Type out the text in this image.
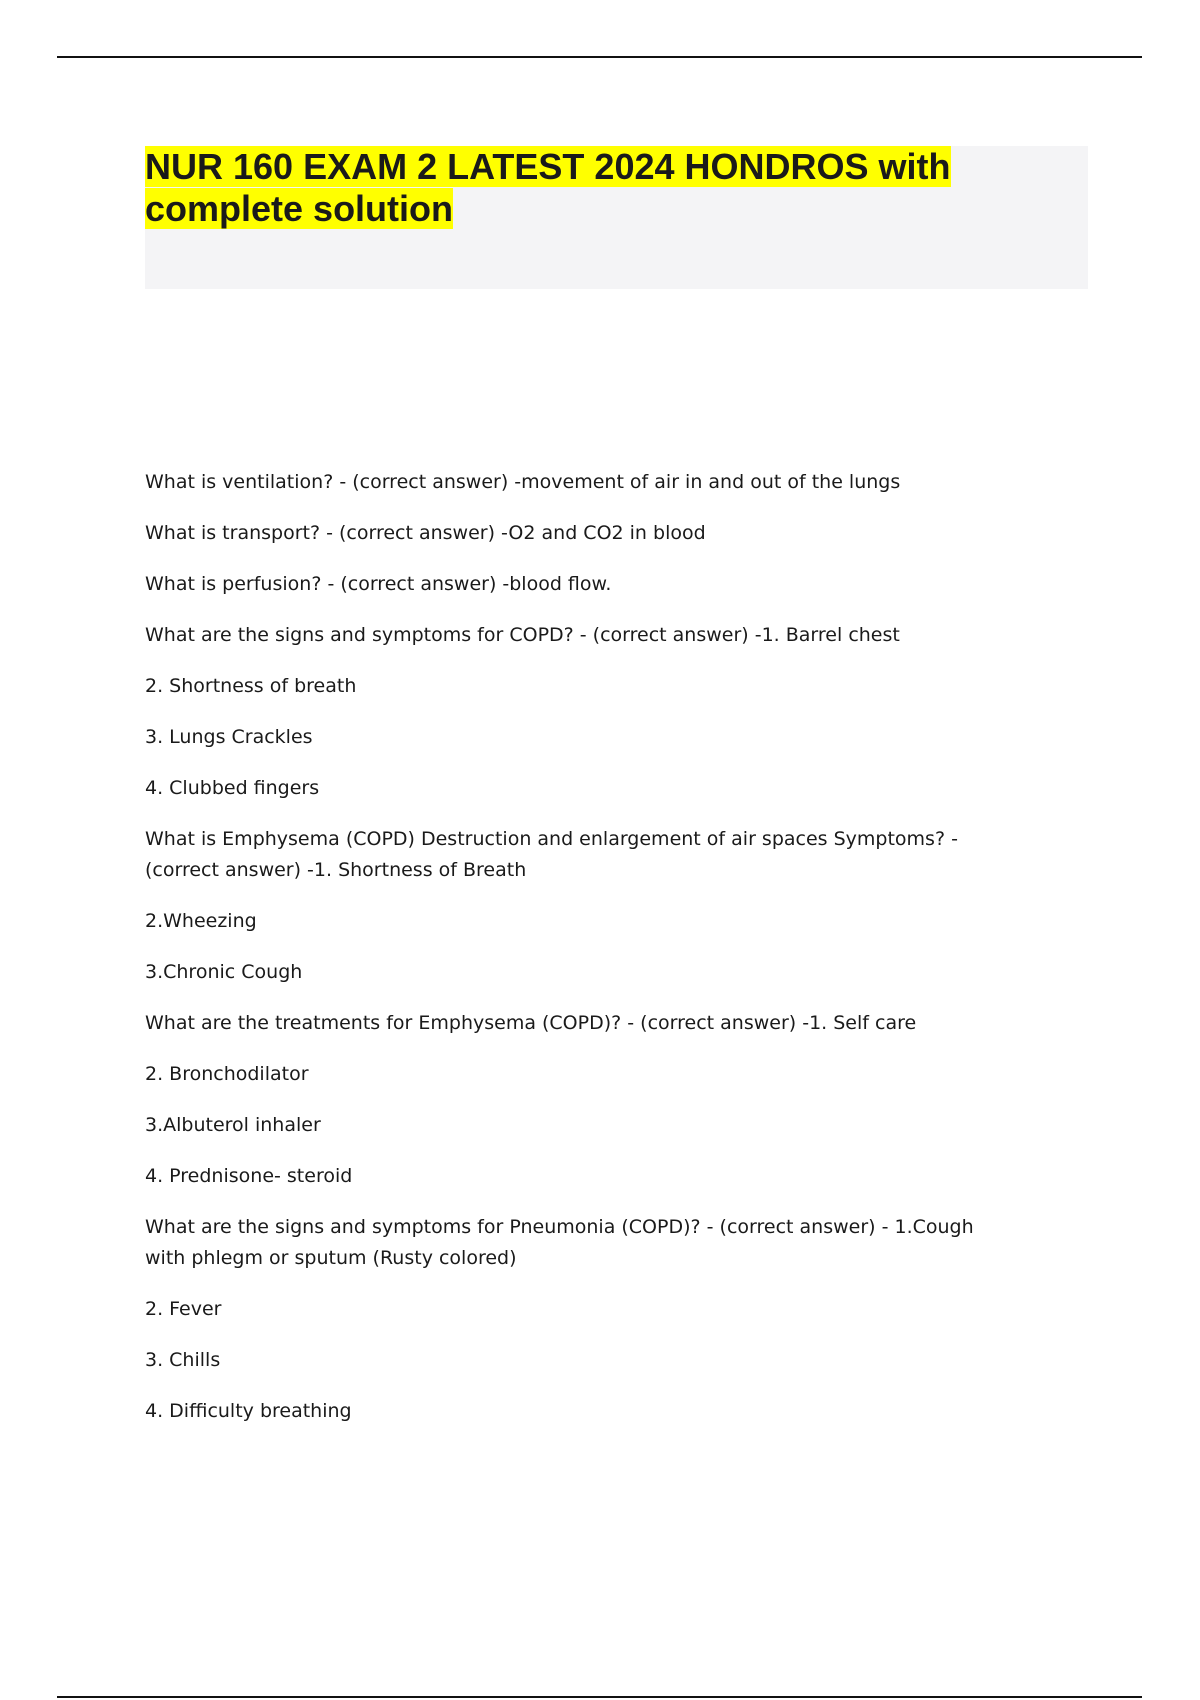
NUR 160 EXAM 2 LATEST 2024 HONDROS with complete solution

What is ventilation? - (correct answer) -movement of air in and out of the lungs

What is transport? - (correct answer) -O2 and CO2 in blood

What is perfusion? - (correct answer) -blood flow.

What are the signs and symptoms for COPD? - (correct answer) -1. Barrel chest

2. Shortness of breath

3. Lungs Crackles

4. Clubbed fingers

What is Emphysema (COPD) Destruction and enlargement of air spaces Symptoms? - (correct answer) -1. Shortness of Breath

2.Wheezing

3.Chronic Cough

What are the treatments for Emphysema (COPD)? - (correct answer) -1. Self care

2. Bronchodilator

3.Albuterol inhaler

4. Prednisone- steroid

What are the signs and symptoms for Pneumonia (COPD)? - (correct answer) - 1.Cough with phlegm or sputum (Rusty colored)

2. Fever

3. Chills

4. Difficulty breathing
